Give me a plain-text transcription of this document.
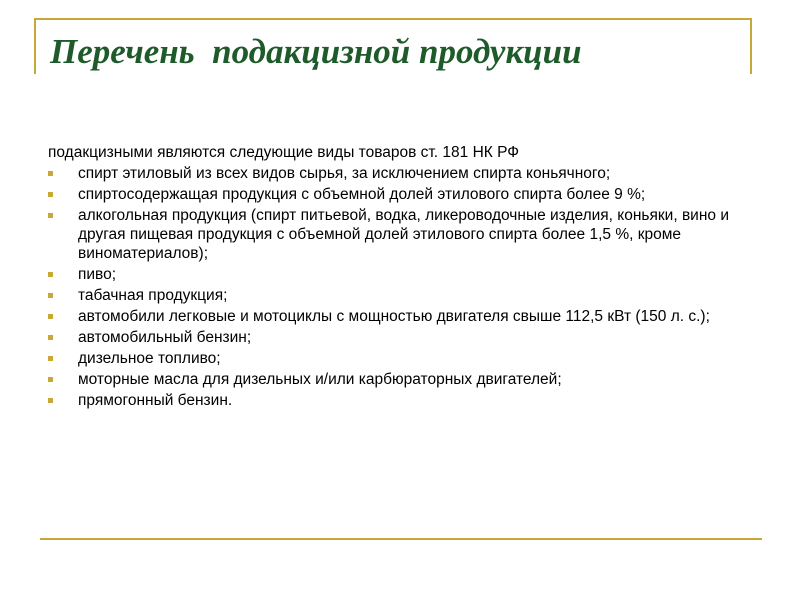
Перечень  подакцизной продукции

подакцизными являются следующие виды товаров ст. 181 НК РФ

спирт этиловый из всех видов сырья, за исключением спирта коньячного;
спиртосодержащая продукция с объемной долей этилового спирта более 9 %;
алкогольная продукция (спирт питьевой, водка, ликероводочные изделия, коньяки, вино и другая пищевая продукция с объемной долей этилового спирта более 1,5 %, кроме виноматериалов);
пиво;
табачная продукция;
автомобили легковые и мотоциклы с мощностью двигателя свыше 112,5 кВт (150 л. с.);
автомобильный бензин;
дизельное топливо;
моторные масла для дизельных и/или карбюраторных двигателей;
прямогонный бензин.
